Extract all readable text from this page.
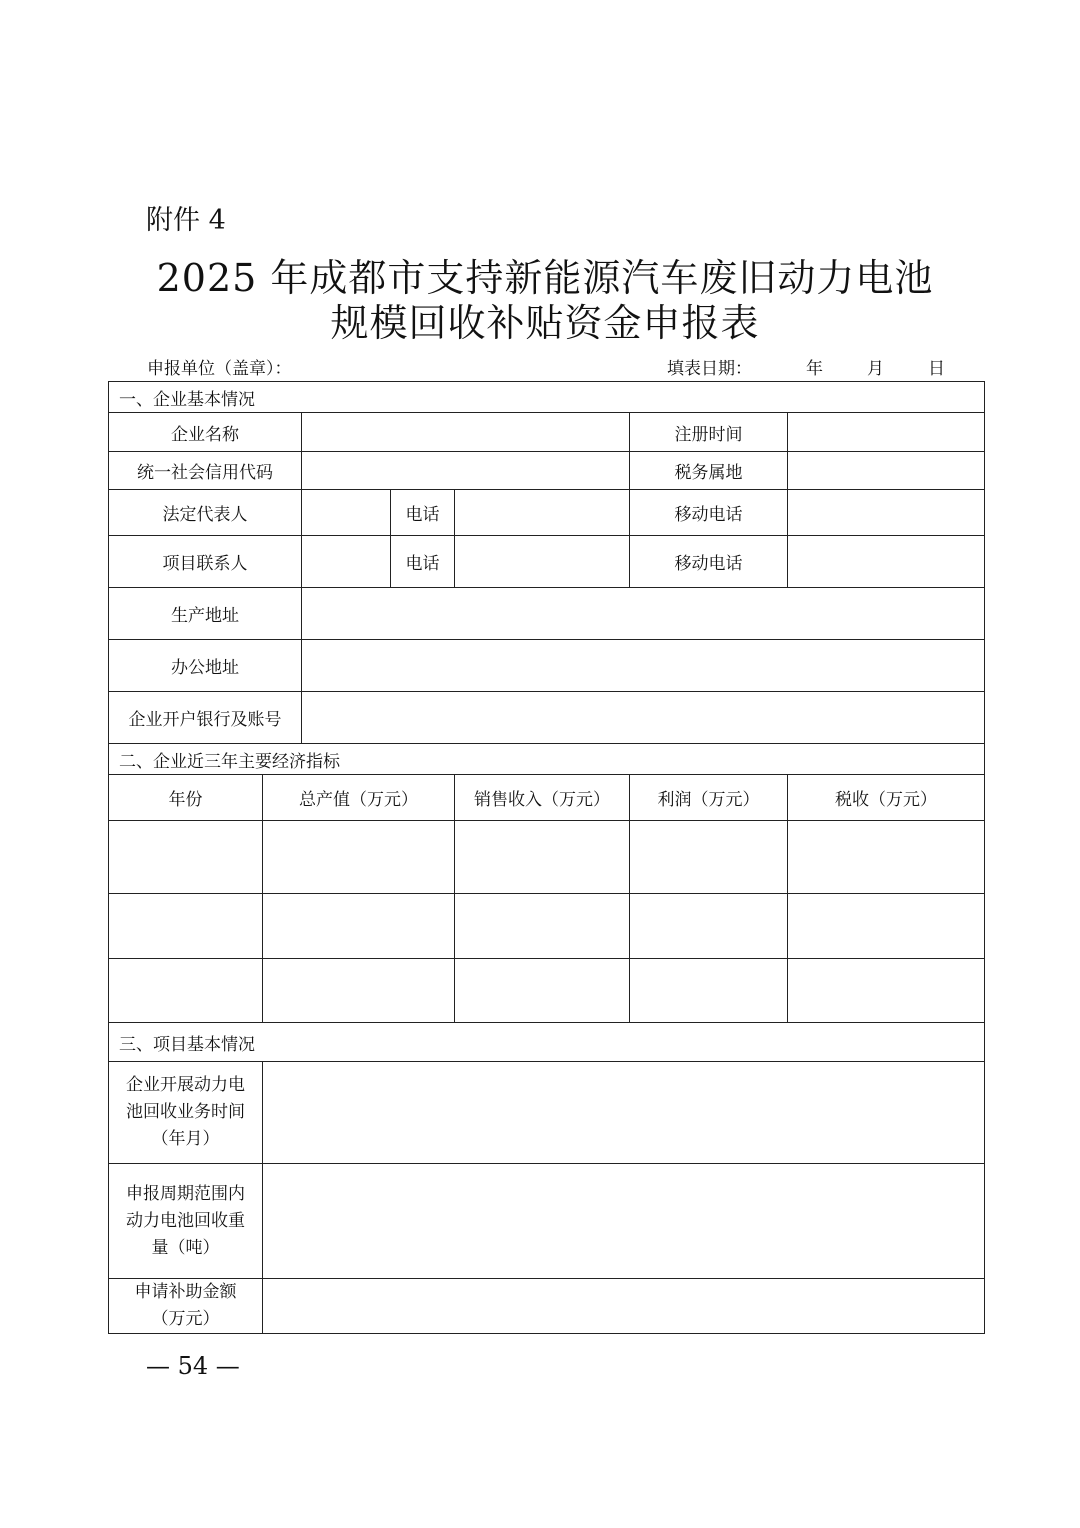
附件 4
2025 年成都市支持新能源汽车废旧动力电池
规模回收补贴资金申报表
申报单位（盖章）：	填表日期：	年	月	日
一、企业基本情况						
企业名称					注册时间	
统一社会信用代码					税务属地	
法定代表人			电话		移动电话	
项目联系人			电话		移动电话	
生产地址						
办公地址						
企业开户银行及账号						
二、企业近三年主要经济指标						
年份	总产值（万元）			销售收入（万元）	利润（万元）	税收（万元）

三、项目基本情况						

企业开展动力电
池回收业务时间
（年月）						

申报周期范围内
动力电池回收重
量（吨）						

申请补助金额
（万元）						

— 54 —
